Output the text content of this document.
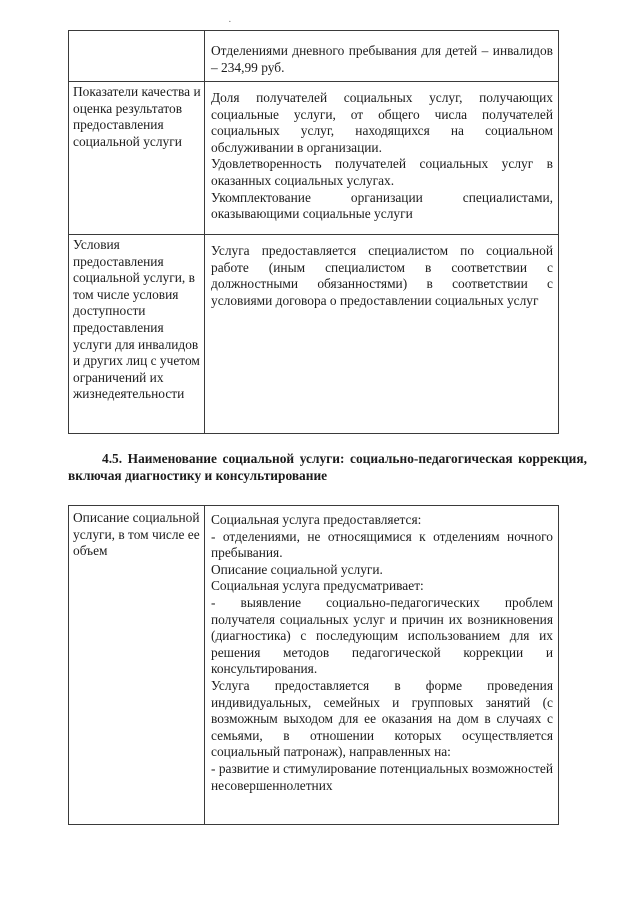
·

Отделениями дневного пребывания для детей – инвалидов – 234,99 руб.

Показатели качества и оценка результатов предоставления социальной услуги

Доля получателей социальных услуг, получающих социальные услуги, от общего числа получателей социальных услуг, находящихся на социальном обслуживании в организации.

Удовлетворенность получателей социальных услуг в оказанных социальных услугах.

Укомплектование организации специалистами, оказывающими социальные услуги

Условия предоставления социальной услуги, в том числе условия доступности предоставления услуги для инвалидов и других лиц с учетом ограничений их жизнедеятельности

Услуга предоставляется специалистом по социальной работе (иным специалистом в соответствии с должностными обязанностями) в соответствии с условиями договора о предоставлении социальных услуг

4.5. Наименование социальной услуги: социально-педагогическая коррекция, включая диагностику и консультирование
Описание социальной услуги, в том числе ее объем

Социальная услуга предоставляется:

- отделениями, не относящимися к отделениям ночного пребывания.

Описание социальной услуги.

Социальная услуга предусматривает:

- выявление социально-педагогических проблем получателя социальных услуг и причин их возникновения (диагностика) с последующим использованием для их решения методов педагогической коррекции и консультирования.

Услуга предоставляется в форме проведения индивидуальных, семейных и групповых занятий (с возможным выходом для ее оказания на дом в случаях с семьями, в отношении которых осуществляется социальный патронаж), направленных на:

- развитие и стимулирование потенциальных возможностей несовершеннолетних
